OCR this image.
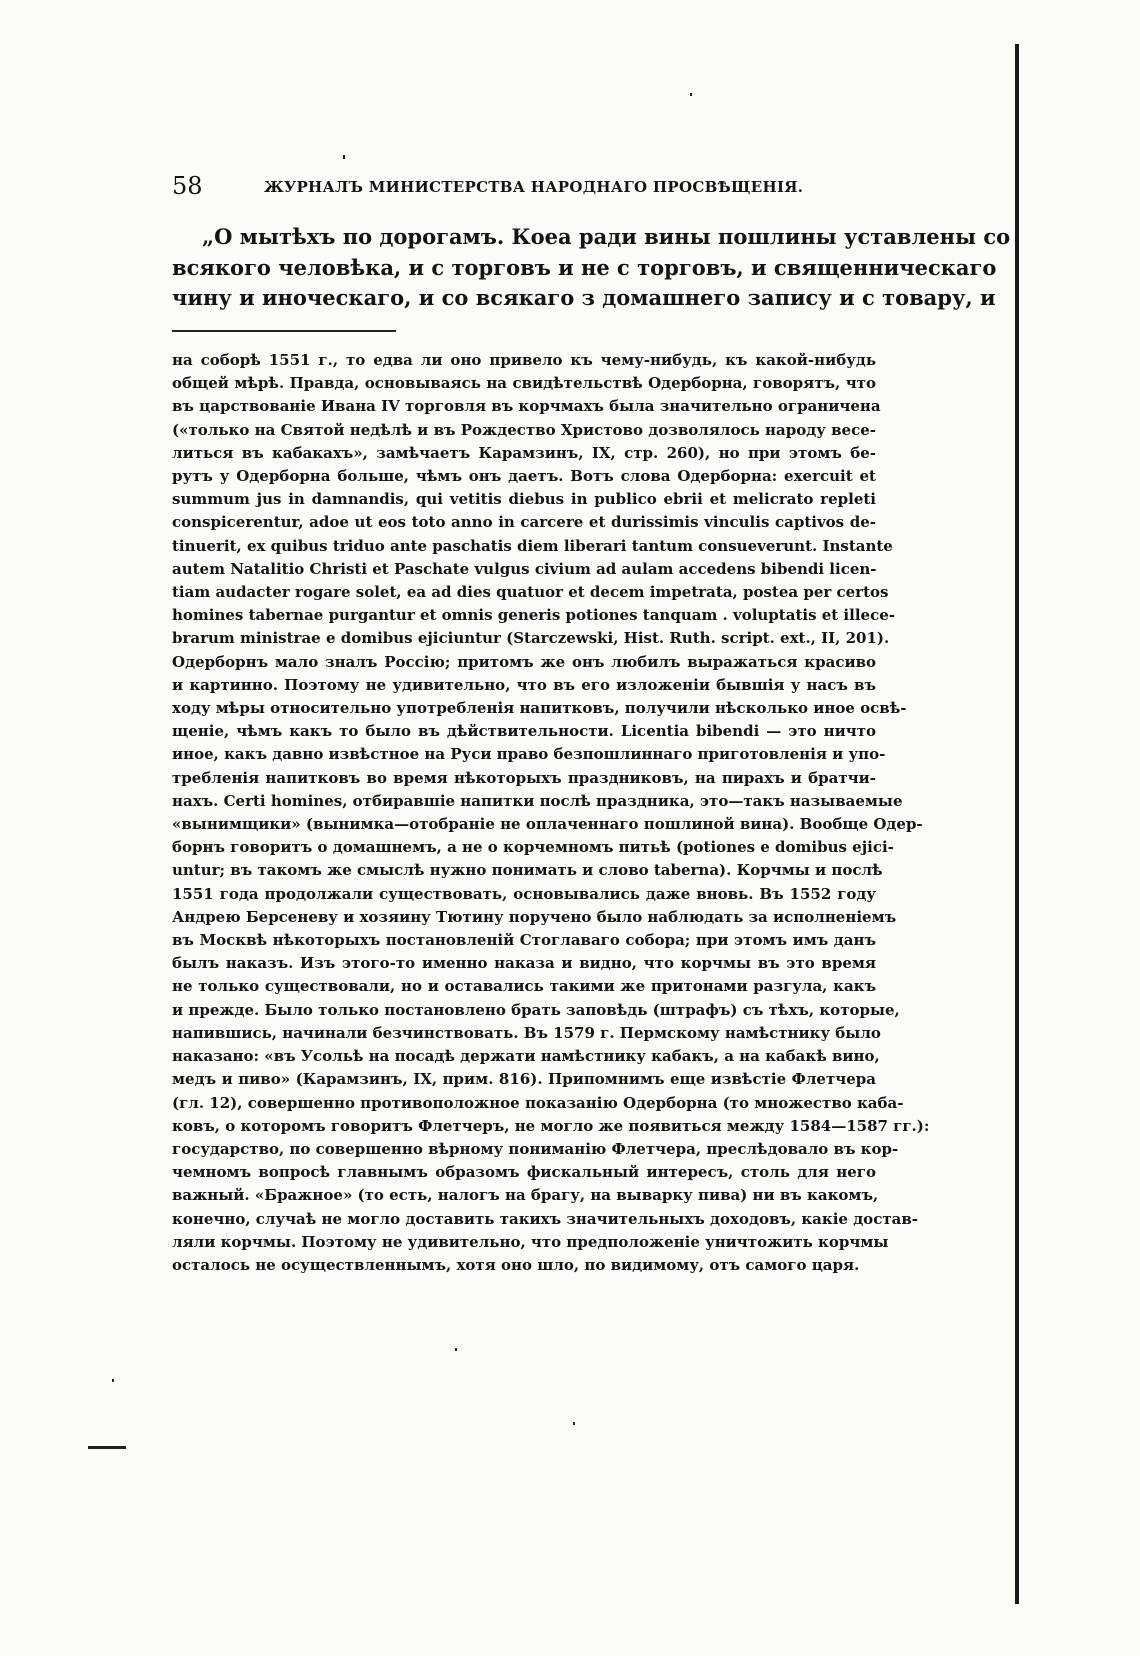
58	ЖУРНАЛЪ МИНИСТЕРСТВА НАРОДНАГО ПРОСВѢЩЕНІЯ.
„О мытѣхъ по дорогамъ. Коеа ради вины пошлины уставлены со
всякого человѣка, и с торговъ и не с торговъ, и священническаго
чину и иноческаго, и со всякаго з домашнего запису и с товару, и
на соборѣ 1551 г., то едва ли оно привело къ чему-нибудь, къ какой-нибудь
общей мѣрѣ. Правда, основываясь на свидѣтельствѣ Одерборна, говорятъ, что
въ царствованіе Ивана IV торговля въ корчмахъ была значительно ограничена
(«только на Святой недѣлѣ и въ Рождество Христово дозволялось народу весе-
литься въ кабакахъ», замѣчаетъ Карамзинъ, IX, стр. 260), но при этомъ бе-
рутъ у Одерборна больше, чѣмъ онъ даетъ. Вотъ слова Одерборна: exercuit et
summum jus in damnandis, qui vetitis diebus in publico ebrii et melicrato repleti
conspicerentur, adoe ut eos toto anno in carcere et durissimis vinculis captivos de-
tinuerit, ex quibus triduo ante paschatis diem liberari tantum consueverunt. Instante
autem Natalitio Christi et Paschate vulgus civium ad aulam accedens bibendi licen-
tiam audacter rogare solet, ea ad dies quatuor et decem impetrata, postea per certos
homines tabernae purgantur et omnis generis potiones tanquam . voluptatis et illece-
brarum ministrae e domibus ejiciuntur (Starczewski, Hist. Ruth. script. ext., II, 201).
Одерборнъ мало зналъ Россію; притомъ же онъ любилъ выражаться красиво
и картинно. Поэтому не удивительно, что въ его изложеніи бывшія у насъ въ
ходу мѣры относительно употребленія напитковъ, получили нѣсколько иное освѣ-
щеніе, чѣмъ какъ то было въ дѣйствительности. Licentia bibendi — это ничто
иное, какъ давно извѣстное на Руси право безпошлиннаго приготовленія и упо-
требленія напитковъ во время нѣкоторыхъ праздниковъ, на пирахъ и братчи-
нахъ. Certi homines, отбиравшіе напитки послѣ праздника, это—такъ называемые
«вынимщики» (вынимка—отобраніе не оплаченнаго пошлиной вина). Вообще Одер-
борнъ говоритъ о домашнемъ, а не о корчемномъ питьѣ (potiones e domibus ejici-
untur; въ такомъ же смыслѣ нужно понимать и слово taberna). Корчмы и послѣ
1551 года продолжали существовать, основывались даже вновь. Въ 1552 году
Андрею Берсеневу и хозяину Тютину поручено было наблюдать за исполненіемъ
въ Москвѣ нѣкоторыхъ постановленій Стоглаваго собора; при этомъ имъ данъ
былъ наказъ. Изъ этого-то именно наказа и видно, что корчмы въ это время
не только существовали, но и оставались такими же притонами разгула, какъ
и прежде. Было только постановлено брать заповѣдь (штрафъ) съ тѣхъ, которые,
напившись, начинали безчинствовать. Въ 1579 г. Пермскому намѣстнику было
наказано: «въ Усольѣ на посадѣ держати намѣстнику кабакъ, а на кабакѣ вино,
медъ и пиво» (Карамзинъ, IX, прим. 816). Припомнимъ еще извѣстіе Флетчера
(гл. 12), совершенно противоположное показанію Одерборна (то множество каба-
ковъ, о которомъ говоритъ Флетчеръ, не могло же появиться между 1584—1587 гг.):
государство, по совершенно вѣрному пониманію Флетчера, преслѣдовало въ кор-
чемномъ вопросѣ главнымъ образомъ фискальный интересъ, столь для него
важный. «Бражное» (то есть, налогъ на брагу, на выварку пива) ни въ какомъ,
конечно, случаѣ не могло доставить такихъ значительныхъ доходовъ, какіе достав-
ляли корчмы. Поэтому не удивительно, что предположеніе уничтожить корчмы
осталось не осуществленнымъ, хотя оно шло, по видимому, отъ самого царя.
